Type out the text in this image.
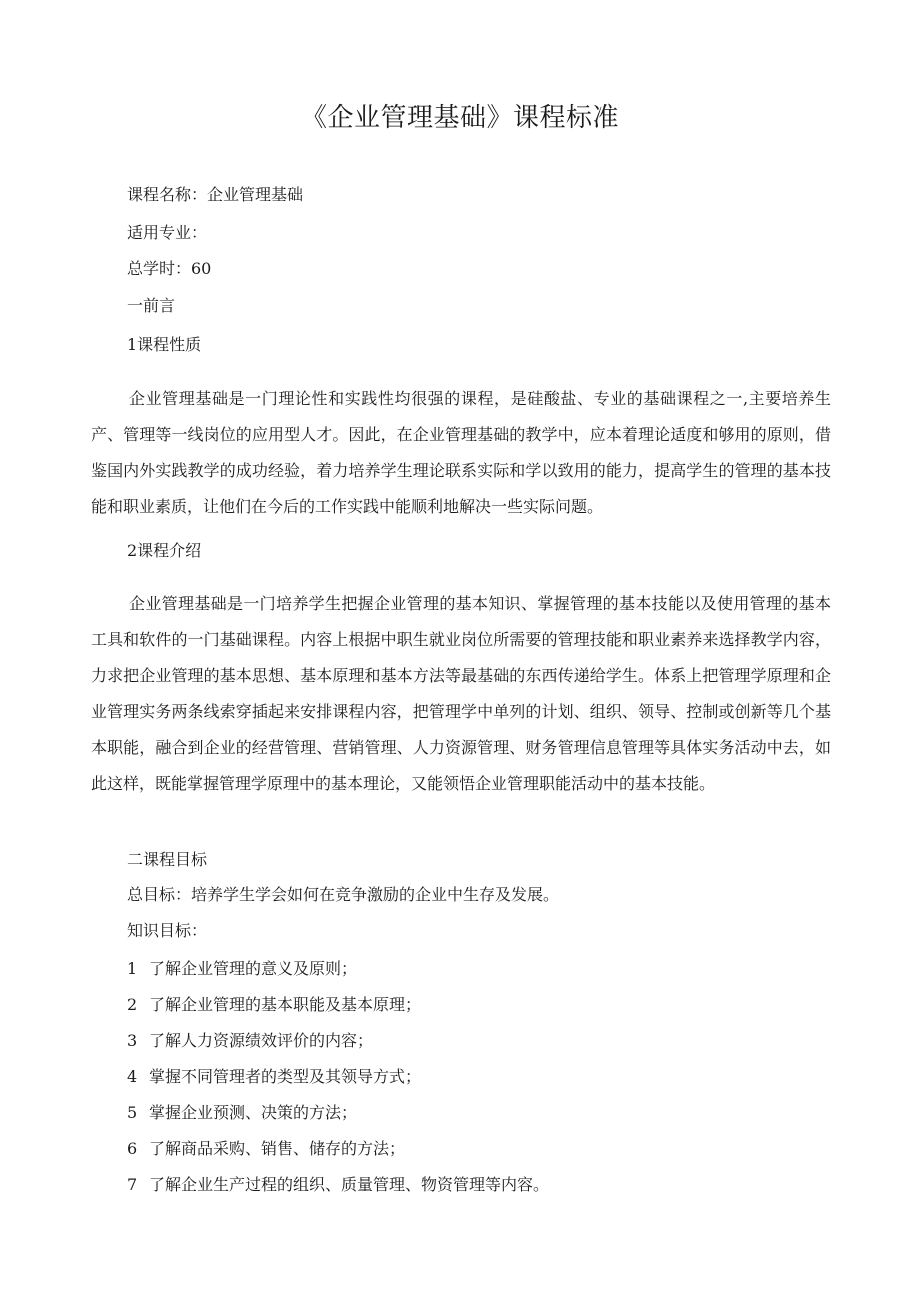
《企业管理基础》课程标准
课程名称：企业管理基础
适用专业：
总学时：60
一前言
1课程性质
企业管理基础是一门理论性和实践性均很强的课程，是硅酸盐、专业的基础课程之一,主要培养生产、管理等一线岗位的应用型人才。因此，在企业管理基础的教学中，应本着理论适度和够用的原则，借鉴国内外实践教学的成功经验，着力培养学生理论联系实际和学以致用的能力，提高学生的管理的基本技能和职业素质，让他们在今后的工作实践中能顺利地解决一些实际问题。
2课程介绍
企业管理基础是一门培养学生把握企业管理的基本知识、掌握管理的基本技能以及使用管理的基本工具和软件的一门基础课程。内容上根据中职生就业岗位所需要的管理技能和职业素养来选择教学内容，力求把企业管理的基本思想、基本原理和基本方法等最基础的东西传递给学生。体系上把管理学原理和企业管理实务两条线索穿插起来安排课程内容，把管理学中单列的计划、组织、领导、控制或创新等几个基本职能，融合到企业的经营管理、营销管理、人力资源管理、财务管理信息管理等具体实务活动中去，如此这样，既能掌握管理学原理中的基本理论，又能领悟企业管理职能活动中的基本技能。
二课程目标
总目标：培养学生学会如何在竞争激励的企业中生存及发展。
知识目标：
1 了解企业管理的意义及原则；
2 了解企业管理的基本职能及基本原理；
3 了解人力资源绩效评价的内容；
4 掌握不同管理者的类型及其领导方式；
5 掌握企业预测、决策的方法；
6 了解商品采购、销售、储存的方法；
7 了解企业生产过程的组织、质量管理、物资管理等内容。
